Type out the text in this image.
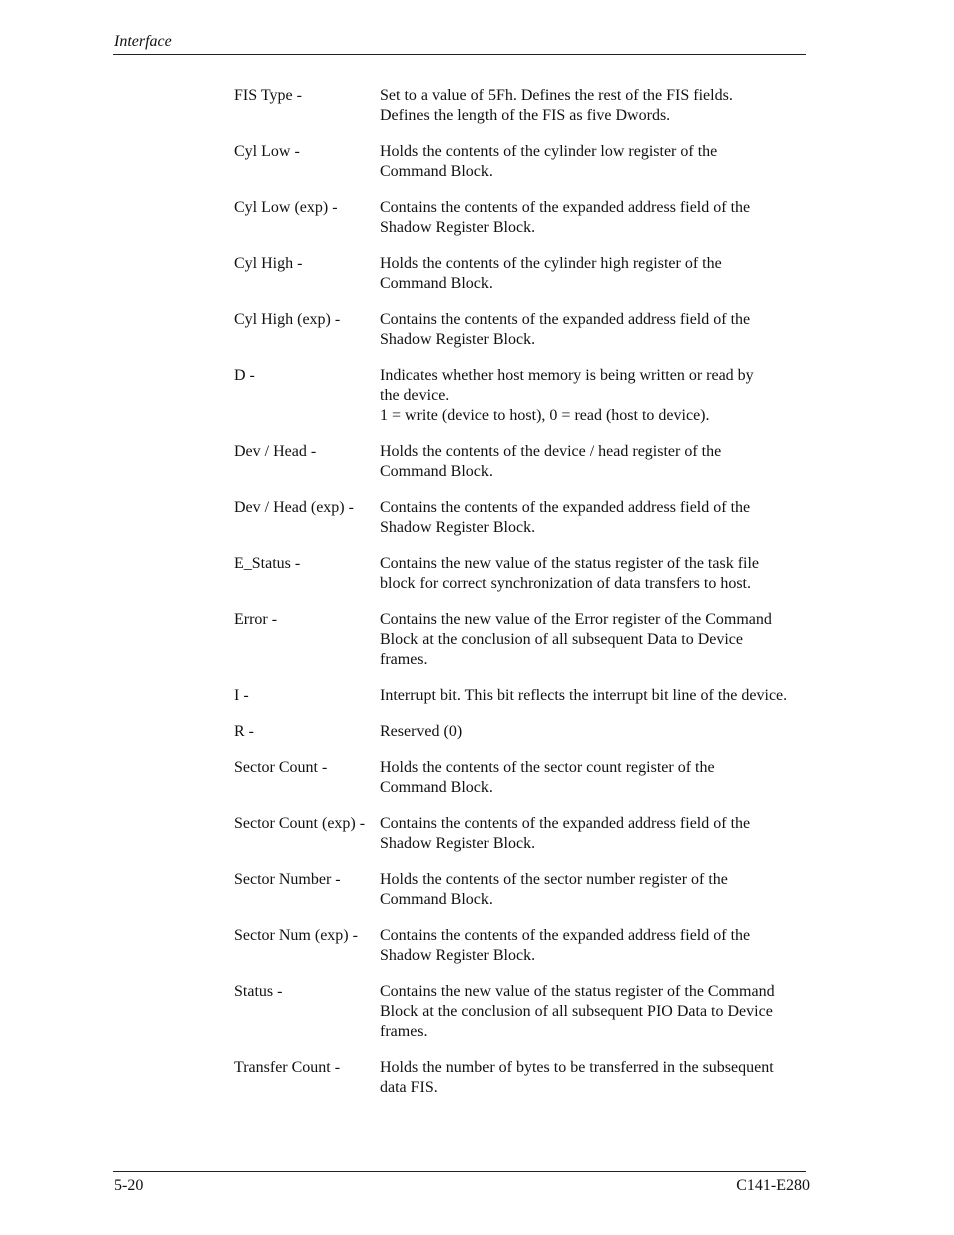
Interface
FIS Type -	Set to a value of 5Fh. Defines the rest of the FIS fields.
Defines the length of the FIS as five Dwords.
Cyl Low -	Holds the contents of the cylinder low register of the
Command Block.
Cyl Low (exp) -	Contains the contents of the expanded address field of the
Shadow Register Block.
Cyl High -	Holds the contents of the cylinder high register of the
Command Block.
Cyl High (exp) -	Contains the contents of the expanded address field of the
Shadow Register Block.
D -	Indicates whether host memory is being written or read by
the device.
1 = write (device to host), 0 = read (host to device).
Dev / Head -	Holds the contents of the device / head register of the
Command Block.
Dev / Head (exp) -	Contains the contents of the expanded address field of the
Shadow Register Block.
E_Status -	Contains the new value of the status register of the task file
block for correct synchronization of data transfers to host.
Error -	Contains the new value of the Error register of the Command
Block at the conclusion of all subsequent Data to Device
frames.
I -	Interrupt bit. This bit reflects the interrupt bit line of the device.
R -	Reserved (0)
Sector Count -	Holds the contents of the sector count register of the
Command Block.
Sector Count (exp) - Contains the contents of the expanded address field of the
Shadow Register Block.
Sector Number -	Holds the contents of the sector number register of the
Command Block.
Sector Num (exp) -	Contains the contents of the expanded address field of the
Shadow Register Block.
Status -	Contains the new value of the status register of the Command
Block at the conclusion of all subsequent PIO Data to Device
frames.
Transfer Count -	Holds the number of bytes to be transferred in the subsequent
data FIS.
5-20	C141-E280
